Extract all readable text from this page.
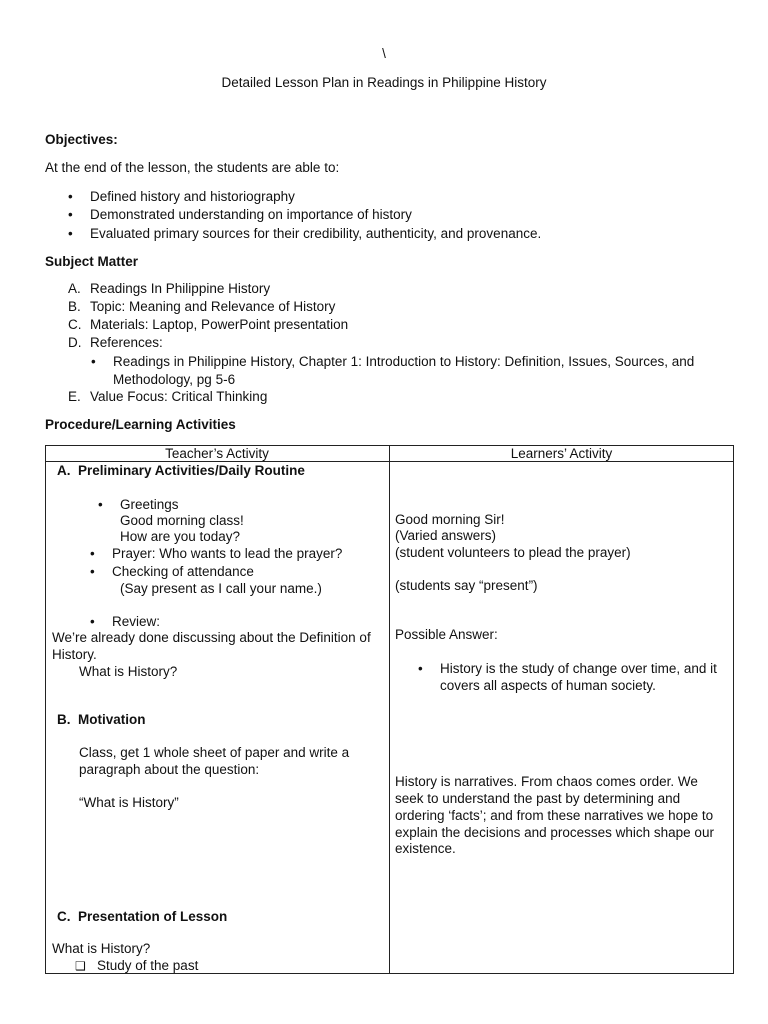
\
Detailed Lesson Plan in Readings in Philippine History
Objectives:
At the end of the lesson, the students are able to:
• Defined history and historiography
• Demonstrated understanding on importance of history
• Evaluated primary sources for their credibility, authenticity, and provenance.
Subject Matter
A. Readings In Philippine History
B. Topic: Meaning and Relevance of History
C. Materials: Laptop, PowerPoint presentation
D. References:
• Readings in Philippine History, Chapter 1: Introduction to History: Definition, Issues, Sources, and
Methodology, pg 5-6
E. Value Focus: Critical Thinking
Procedure/Learning Activities
Teacher’s Activity	Learners’ Activity
A. Preliminary Activities/Daily Routine
• Greetings
Good morning class!
How are you today?
• Prayer: Who wants to lead the prayer?
• Checking of attendance
(Say present as I call your name.)
• Review:
We’re already done discussing about the Definition of
History.
What is History?
B. Motivation
Class, get 1 whole sheet of paper and write a
paragraph about the question:
“What is History”
C. Presentation of Lesson
What is History?
❑ Study of the past
Good morning Sir!
(Varied answers)
(student volunteers to plead the prayer)
(students say “present”)
Possible Answer:
• History is the study of change over time, and it
covers all aspects of human society.
History is narratives. From chaos comes order. We
seek to understand the past by determining and
ordering ‘facts’; and from these narratives we hope to
explain the decisions and processes which shape our
existence.
